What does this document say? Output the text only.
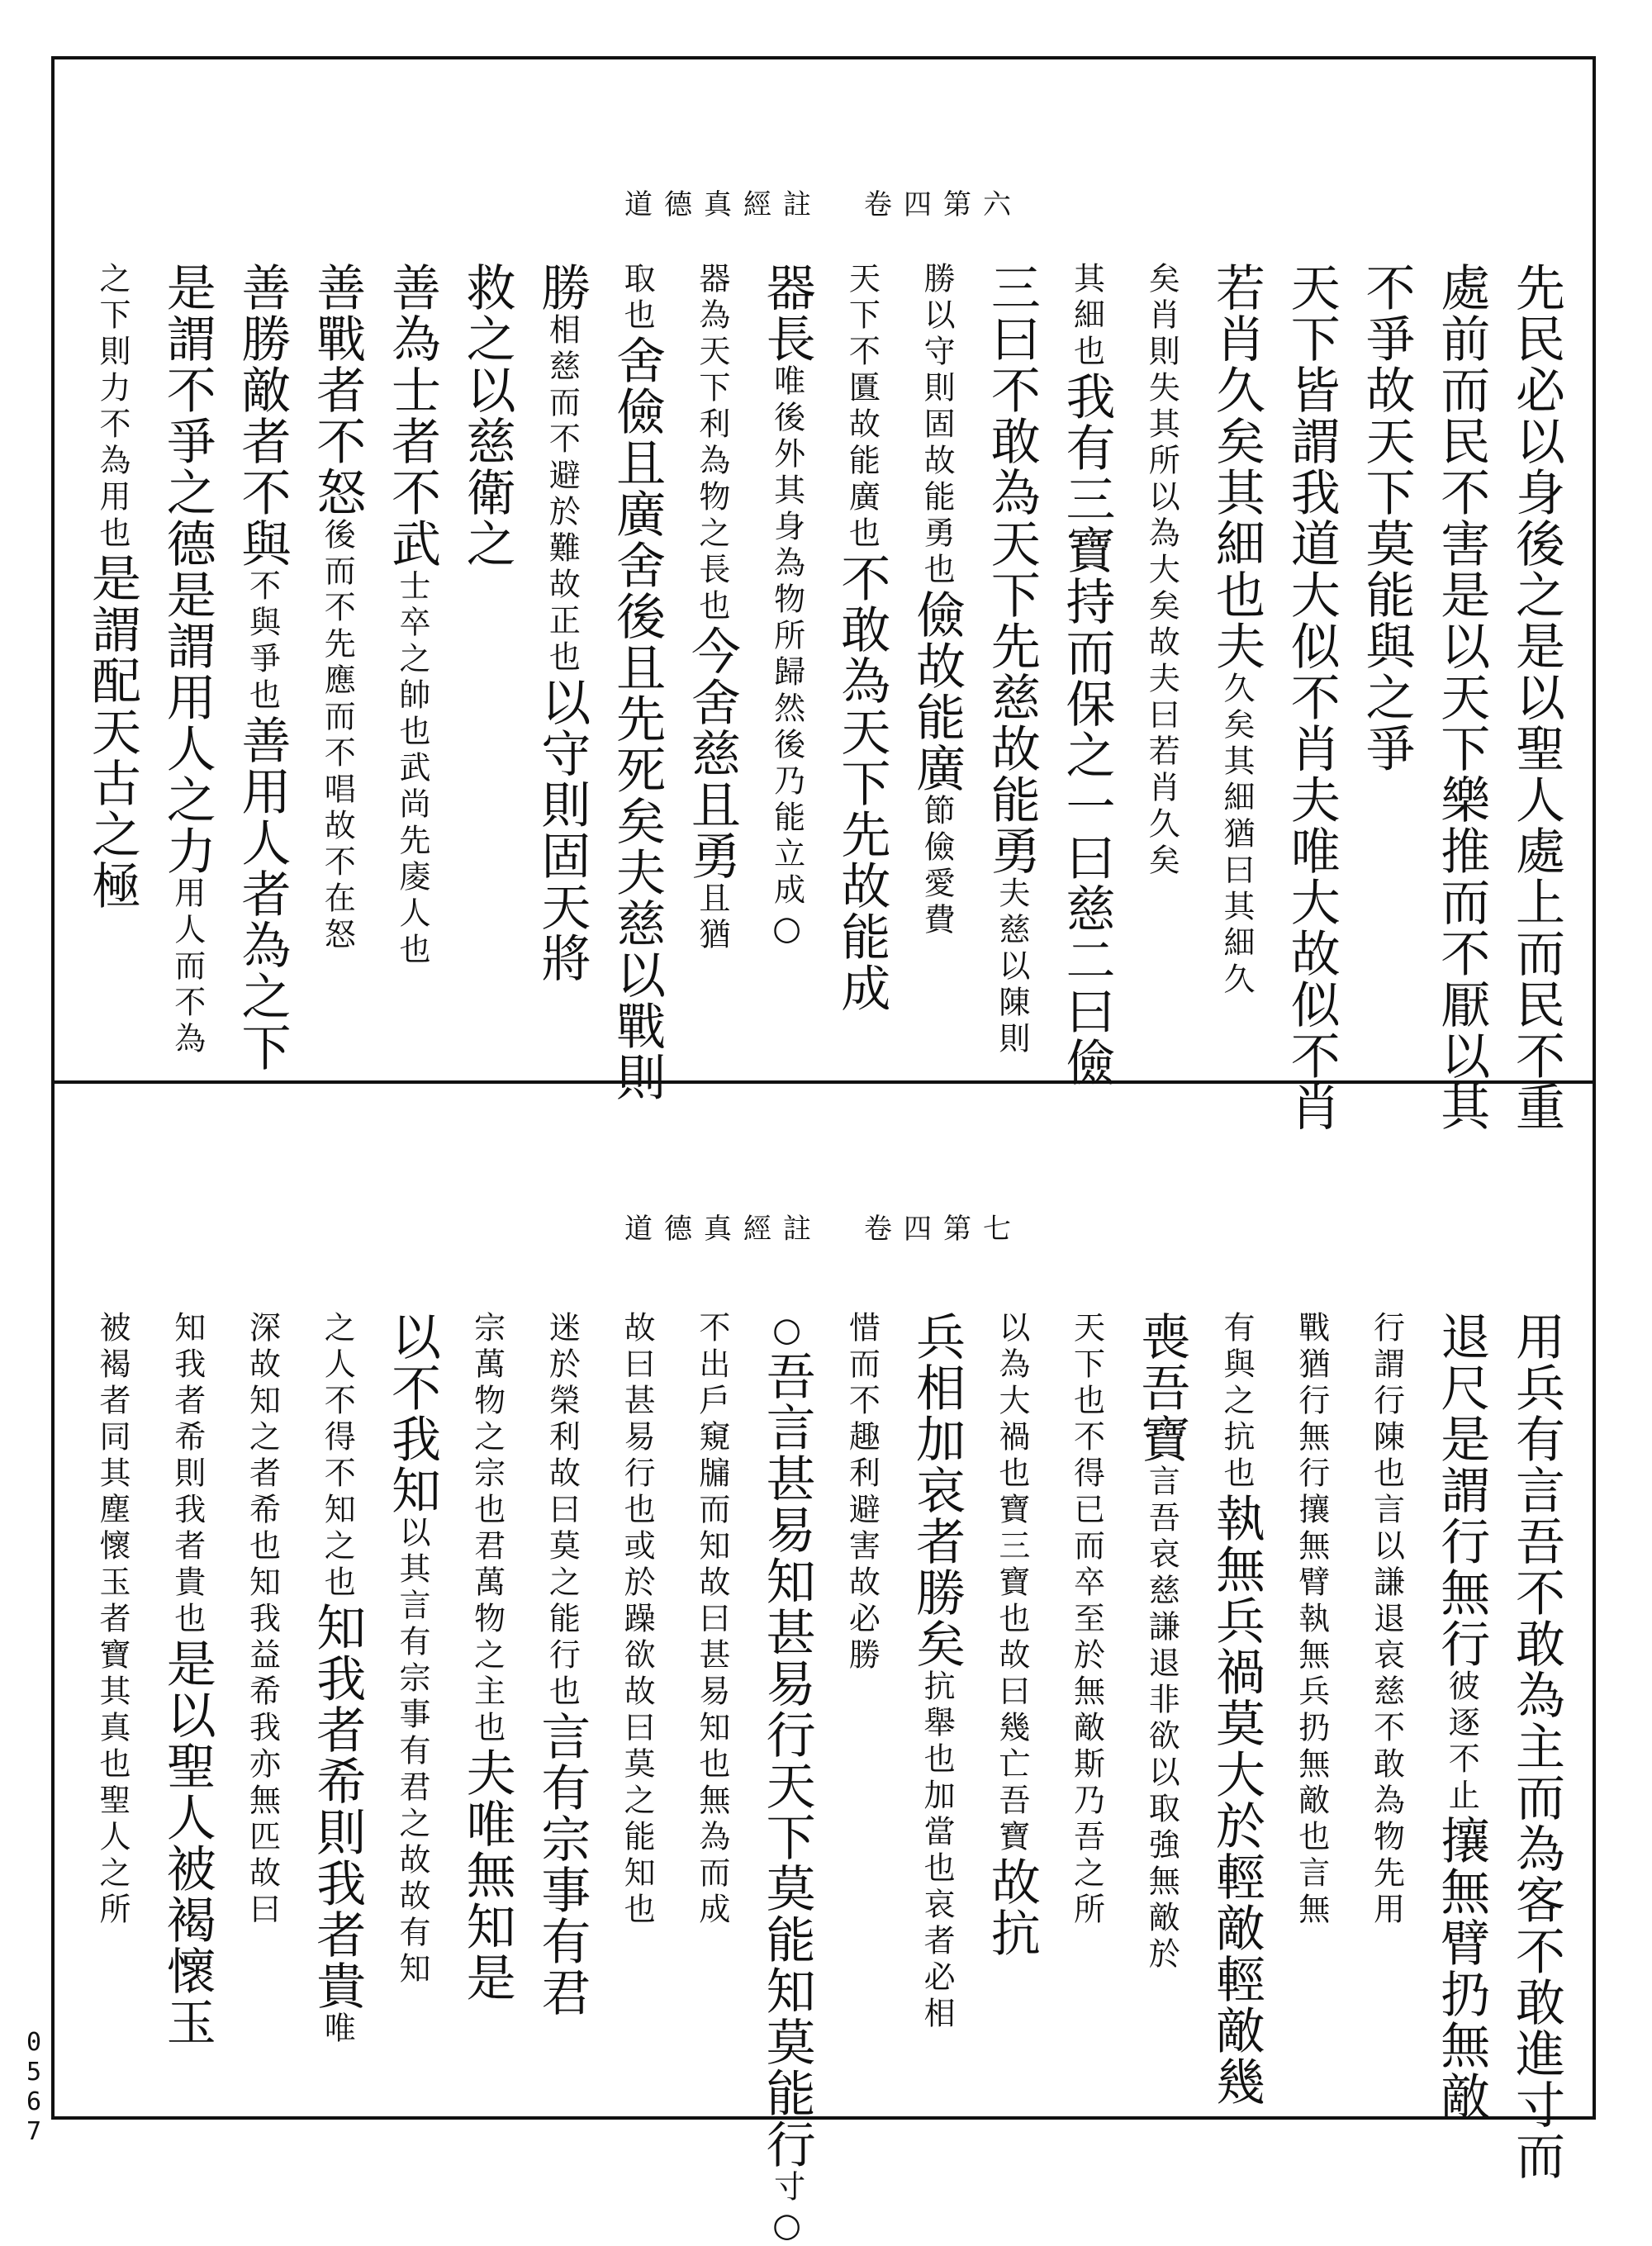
道德真經註 卷四第六
先民必以身後之是以聖人處上而民不重
處前而民不害是以天下樂推而不厭以其
不爭故天下莫能與之爭
天下皆謂我道大似不肖夫唯大故似不肖
若肖久矣其細也夫久矣其細猶曰其細久
矣肖則失其所以為大矣故夫曰若肖久矣
其細也我有三寶持而保之一曰慈二曰儉
三曰不敢為天下先慈故能勇夫慈以陳則
勝以守則固故能勇也儉故能廣節儉愛費
天下不匱故能廣也不敢為天下先故能成
器長唯後外其身為物所歸然後乃能立成○
器為天下利為物之長也今舍慈且勇且猶
取也舍儉且廣舍後且先死矣夫慈以戰則
勝相慈而不避於難故正也以守則固天將
救之以慈衛之
善為士者不武士卒之帥也武尚先庱人也
善戰者不怒後而不先應而不唱故不在怒
善勝敵者不與不與爭也善用人者為之下
是謂不爭之德是謂用人之力用人而不為
之下則力不為用也是謂配天古之極
道德真經註 卷四第七
用兵有言吾不敢為主而為客不敢進寸而
退尺是謂行無行彼逐不止攘無臂扔無敵
行謂行陳也言以謙退哀慈不敢為物先用
戰猶行無行攘無臂執無兵扔無敵也言無
有與之抗也執無兵禍莫大於輕敵輕敵幾
喪吾寶言吾哀慈謙退非欲以取強無敵於
天下也不得已而卒至於無敵斯乃吾之所
以為大禍也寶三寶也故曰幾亡吾寶故抗
兵相加哀者勝矣抗舉也加當也哀者必相
惜而不趣利避害故必勝
○吾言甚易知甚易行天下莫能知莫能行寸○
不出戶窺牖而知故曰甚易知也無為而成
故曰甚易行也或於躁欲故曰莫之能知也
迷於榮利故曰莫之能行也言有宗事有君
宗萬物之宗也君萬物之主也夫唯無知是
以不我知以其言有宗事有君之故故有知
之人不得不知之也知我者希則我者貴唯
深故知之者希也知我益希我亦無匹故曰
知我者希則我者貴也是以聖人被褐懷玉
被褐者同其塵懷玉者寶其真也聖人之所
0
5
6
7
